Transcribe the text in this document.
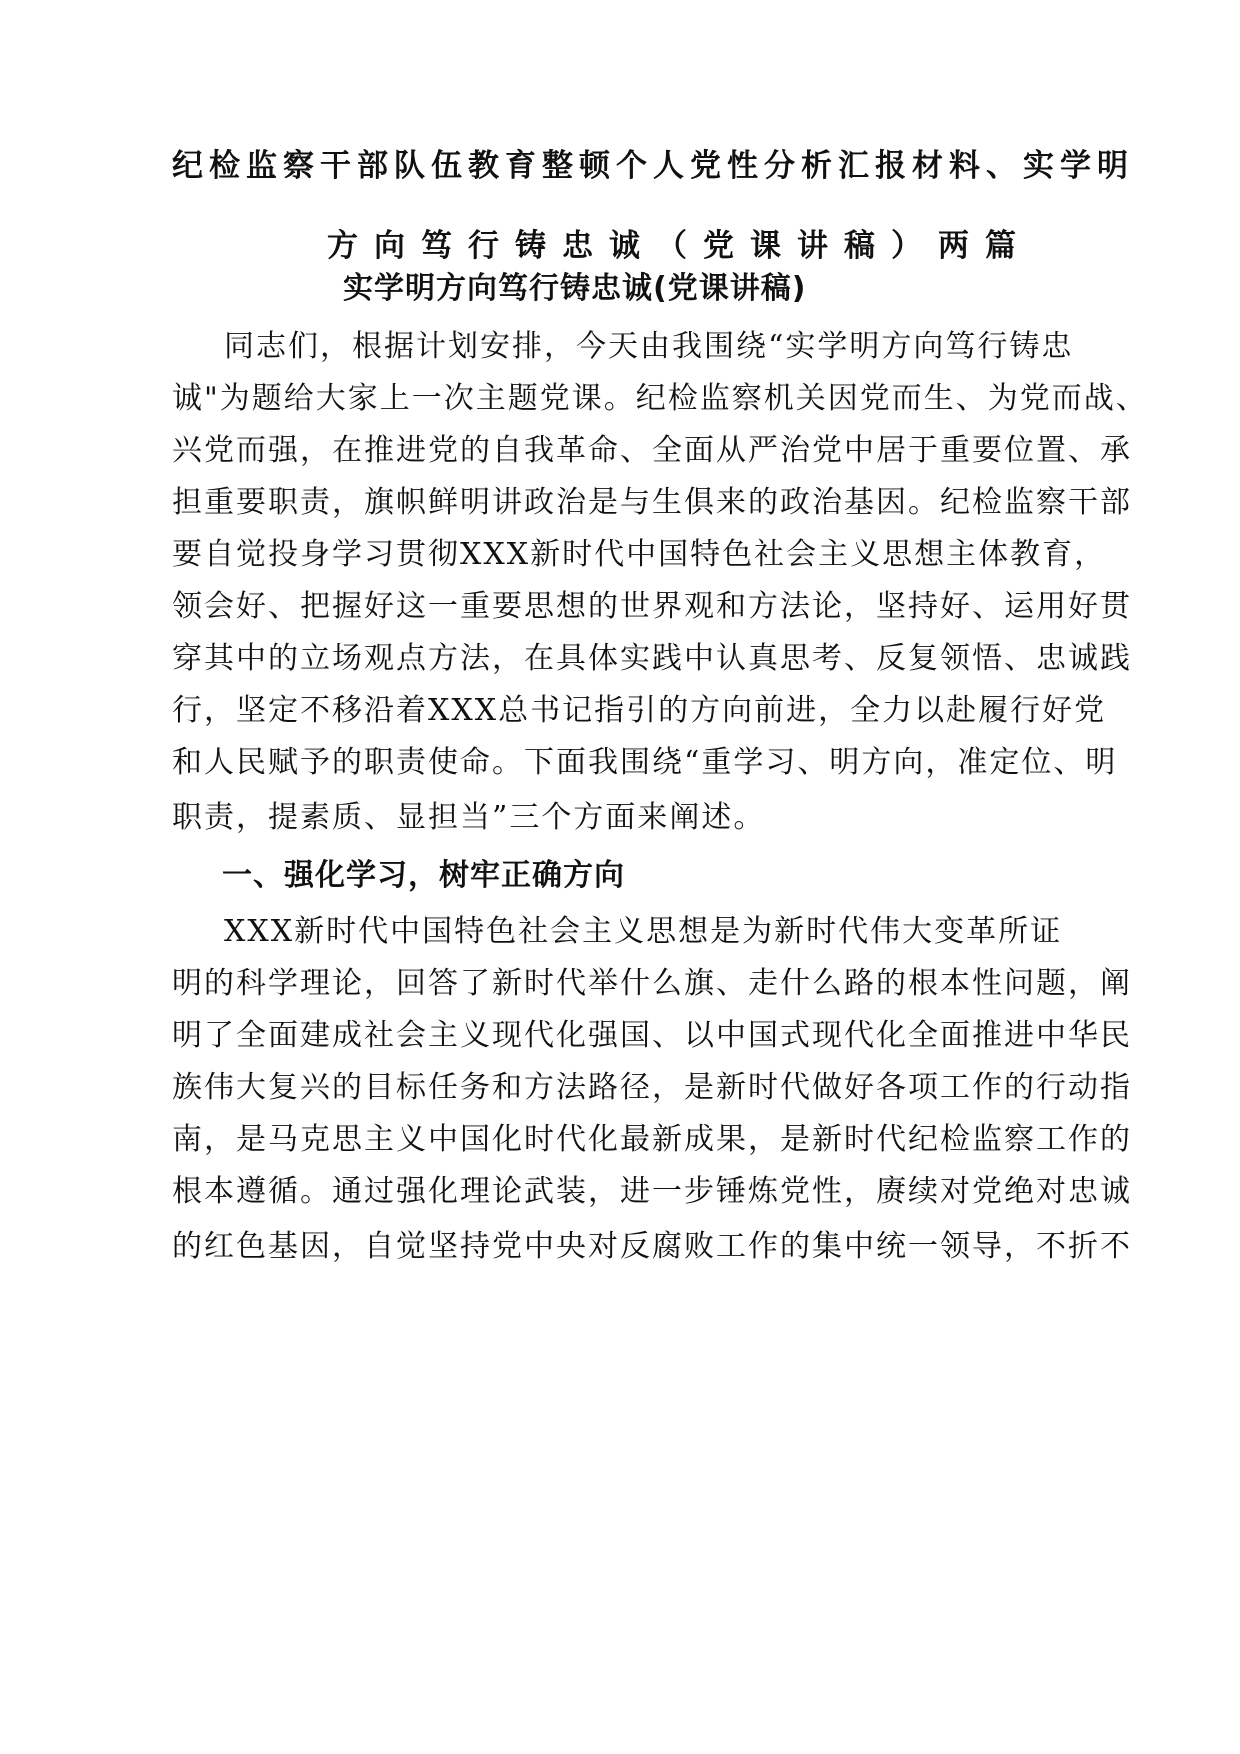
纪检监察干部队伍教育整顿个人党性分析汇报材料、实学明
方向笃行铸忠诚（党课讲稿）两篇
实学明方向笃行铸忠诚(党课讲稿)
同志们，根据计划安排，今天由我围绕“实学明方向笃行铸忠
诚"为题给大家上一次主题党课。纪检监察机关因党而生、为党而战、
兴党而强，在推进党的自我革命、全面从严治党中居于重要位置、承
担重要职责，旗帜鲜明讲政治是与生俱来的政治基因。纪检监察干部
要自觉投身学习贯彻XXX新时代中国特色社会主义思想主体教育，
领会好、把握好这一重要思想的世界观和方法论，坚持好、运用好贯
穿其中的立场观点方法，在具体实践中认真思考、反复领悟、忠诚践
行，坚定不移沿着XXX总书记指引的方向前进，全力以赴履行好党
和人民赋予的职责使命。下面我围绕“重学习、明方向，准定位、明
职责，提素质、显担当”三个方面来阐述。
一、强化学习，树牢正确方向
XXX新时代中国特色社会主义思想是为新时代伟大变革所证
明的科学理论，回答了新时代举什么旗、走什么路的根本性问题，阐
明了全面建成社会主义现代化强国、以中国式现代化全面推进中华民
族伟大复兴的目标任务和方法路径，是新时代做好各项工作的行动指
南，是马克思主义中国化时代化最新成果，是新时代纪检监察工作的
根本遵循。通过强化理论武装，进一步锤炼党性，赓续对党绝对忠诚
的红色基因，自觉坚持党中央对反腐败工作的集中统一领导，不折不
